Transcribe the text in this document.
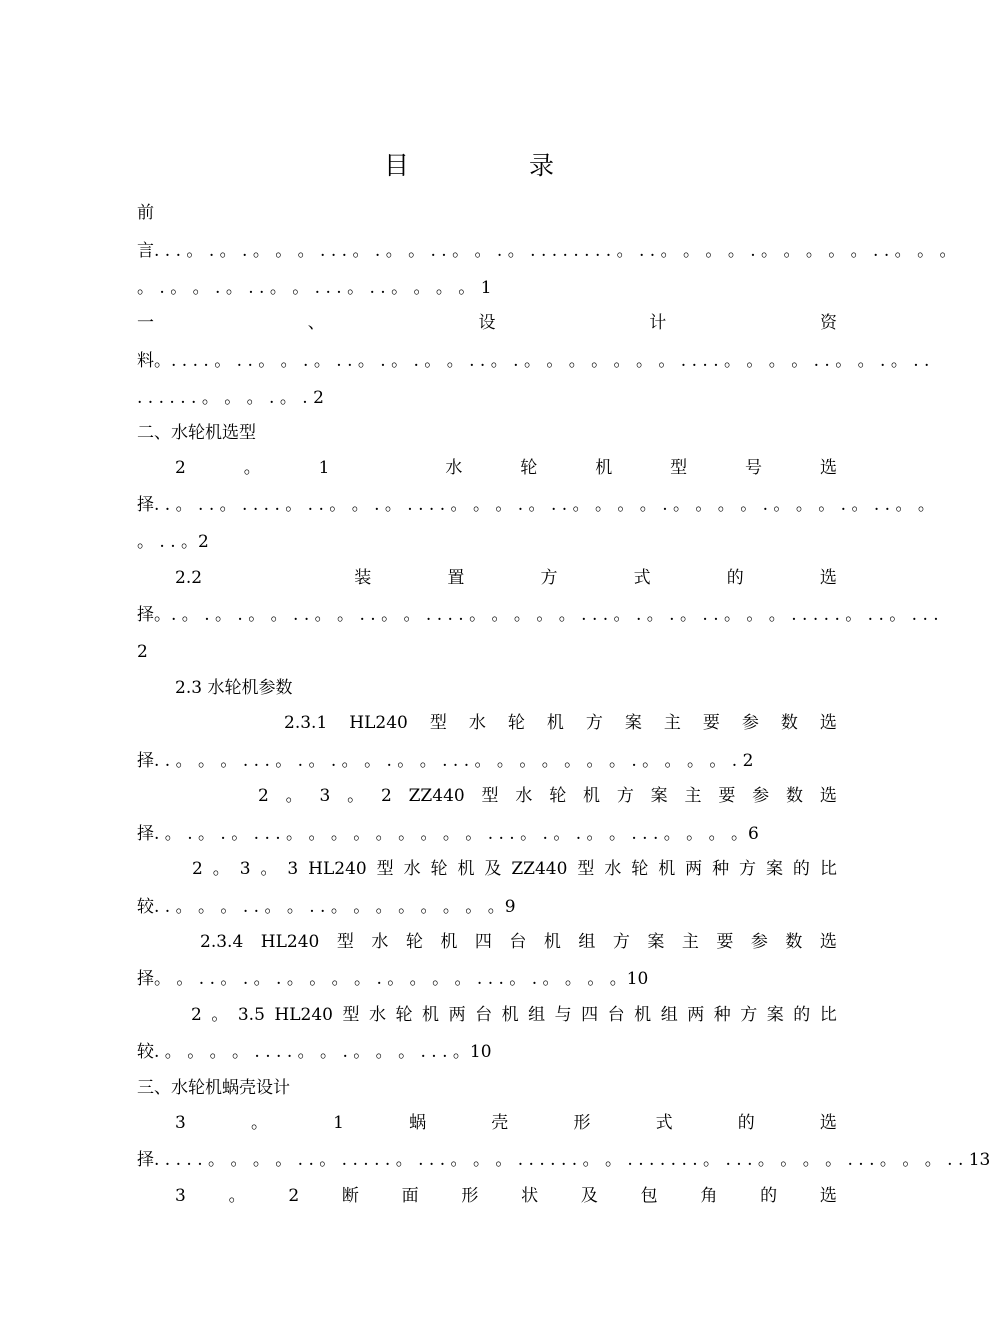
目 录
前
言. . . 。 . 。 . 。 。 。 . . . 。 . 。 。 . . 。 。 . 。 . . . . . . . . 。 . . 。 。 。 。 . 。 。 。 。 。 . . 。 。 。
。 . 。 。 . 。 . . 。 。 . . . 。 . . 。 。 。 。 1
一	、	设	计	资
料。. . . . 。 . . 。 。 . 。 . . 。 . 。 . 。 。 . . 。 . 。 。 。 。 。 。 。 . . . . 。 。 。 。 . . 。 。 . 。 . .
. . . . . . 。 。 。 . 。 . 2
二、水轮机选型
2	。	1	水	轮	机	型	号	选
择. . 。 . . 。 . . . . 。 . . 。 。 . 。 . . . . 。 。 。 . 。 . . 。 。 。 。 . 。 。 。 。 . 。 。 。 . 。 . . 。 。
。 . . 。2
2.2	装	置	方	式	的	选
择。. 。 . 。 . 。 。 . . 。 。 . . 。 。 . . . . 。 。 。 。 。 . . . 。 . 。 . 。 . . 。 。 。 . . . . . 。 . . 。 . . .
2
2.3 水轮机参数
2.3.1 HL240 型 水 轮 机 方 案 主 要 参 数 选
择. . 。 。 。 . . . 。 . 。 . 。 。 . 。 。 . . . 。 。 。 。 。 。 。 . 。 。 。 。 . 2
2 。 3 。 2 ZZ440 型 水 轮 机 方 案 主 要 参 数 选
择. 。 . 。 . 。 . . . 。 。 。 。 。 。 。 。 。 . . . 。 . 。 . 。 。 . . . 。 。 。 。6
2 。 3 。 3 HL240 型 水 轮 机 及 ZZ440 型 水 轮 机 两 种 方 案 的 比
较. . 。 。 。 . . 。 。 . . 。 。 。 。 。 。 。 。9
2.3.4 HL240 型 水 轮 机 四 台 机 组 方 案 主 要 参 数 选
择。 。 . . 。 . 。 . 。 。 。 。 . 。 。 。 。 . . . 。 . 。 。 。 。10
2 。 3.5 HL240 型 水 轮 机 两 台 机 组 与 四 台 机 组 两 种 方 案 的 比
较. 。 。 。 。 . . . . 。 。 . 。 。 。 . . . 。10
三、水轮机蜗壳设计
3	。	1	蜗	壳	形	式	的	选
择. . . . . 。 。 。 。 . . 。 . . . . . 。 . . . 。 。 。 . . . . . . 。 。 . . . . . . . 。 . . . 。 。 。 。 . . . 。 。 。 . . 13
3	。	2	断	面	形	状	及	包	角	的	选
